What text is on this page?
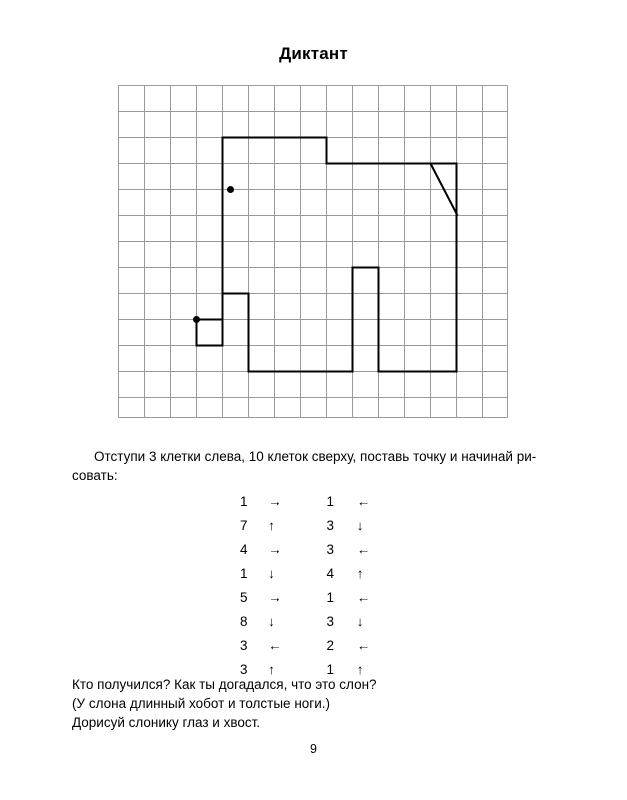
Диктант
Отступи 3 клетки слева, 10 клеток сверху, поставь точку и начинай ри-
совать:
1	→	1	←
7	↑	3	↓
4	→	3	←
1	↓	4	↑
5	→	1	←
8	↓	3	↓
3	←	2	←
3	↑	1	↑
Кто получился? Как ты догадался, что это слон?
(У слона длинный хобот и толстые ноги.)
Дорисуй слонику глаз и хвост.
9
